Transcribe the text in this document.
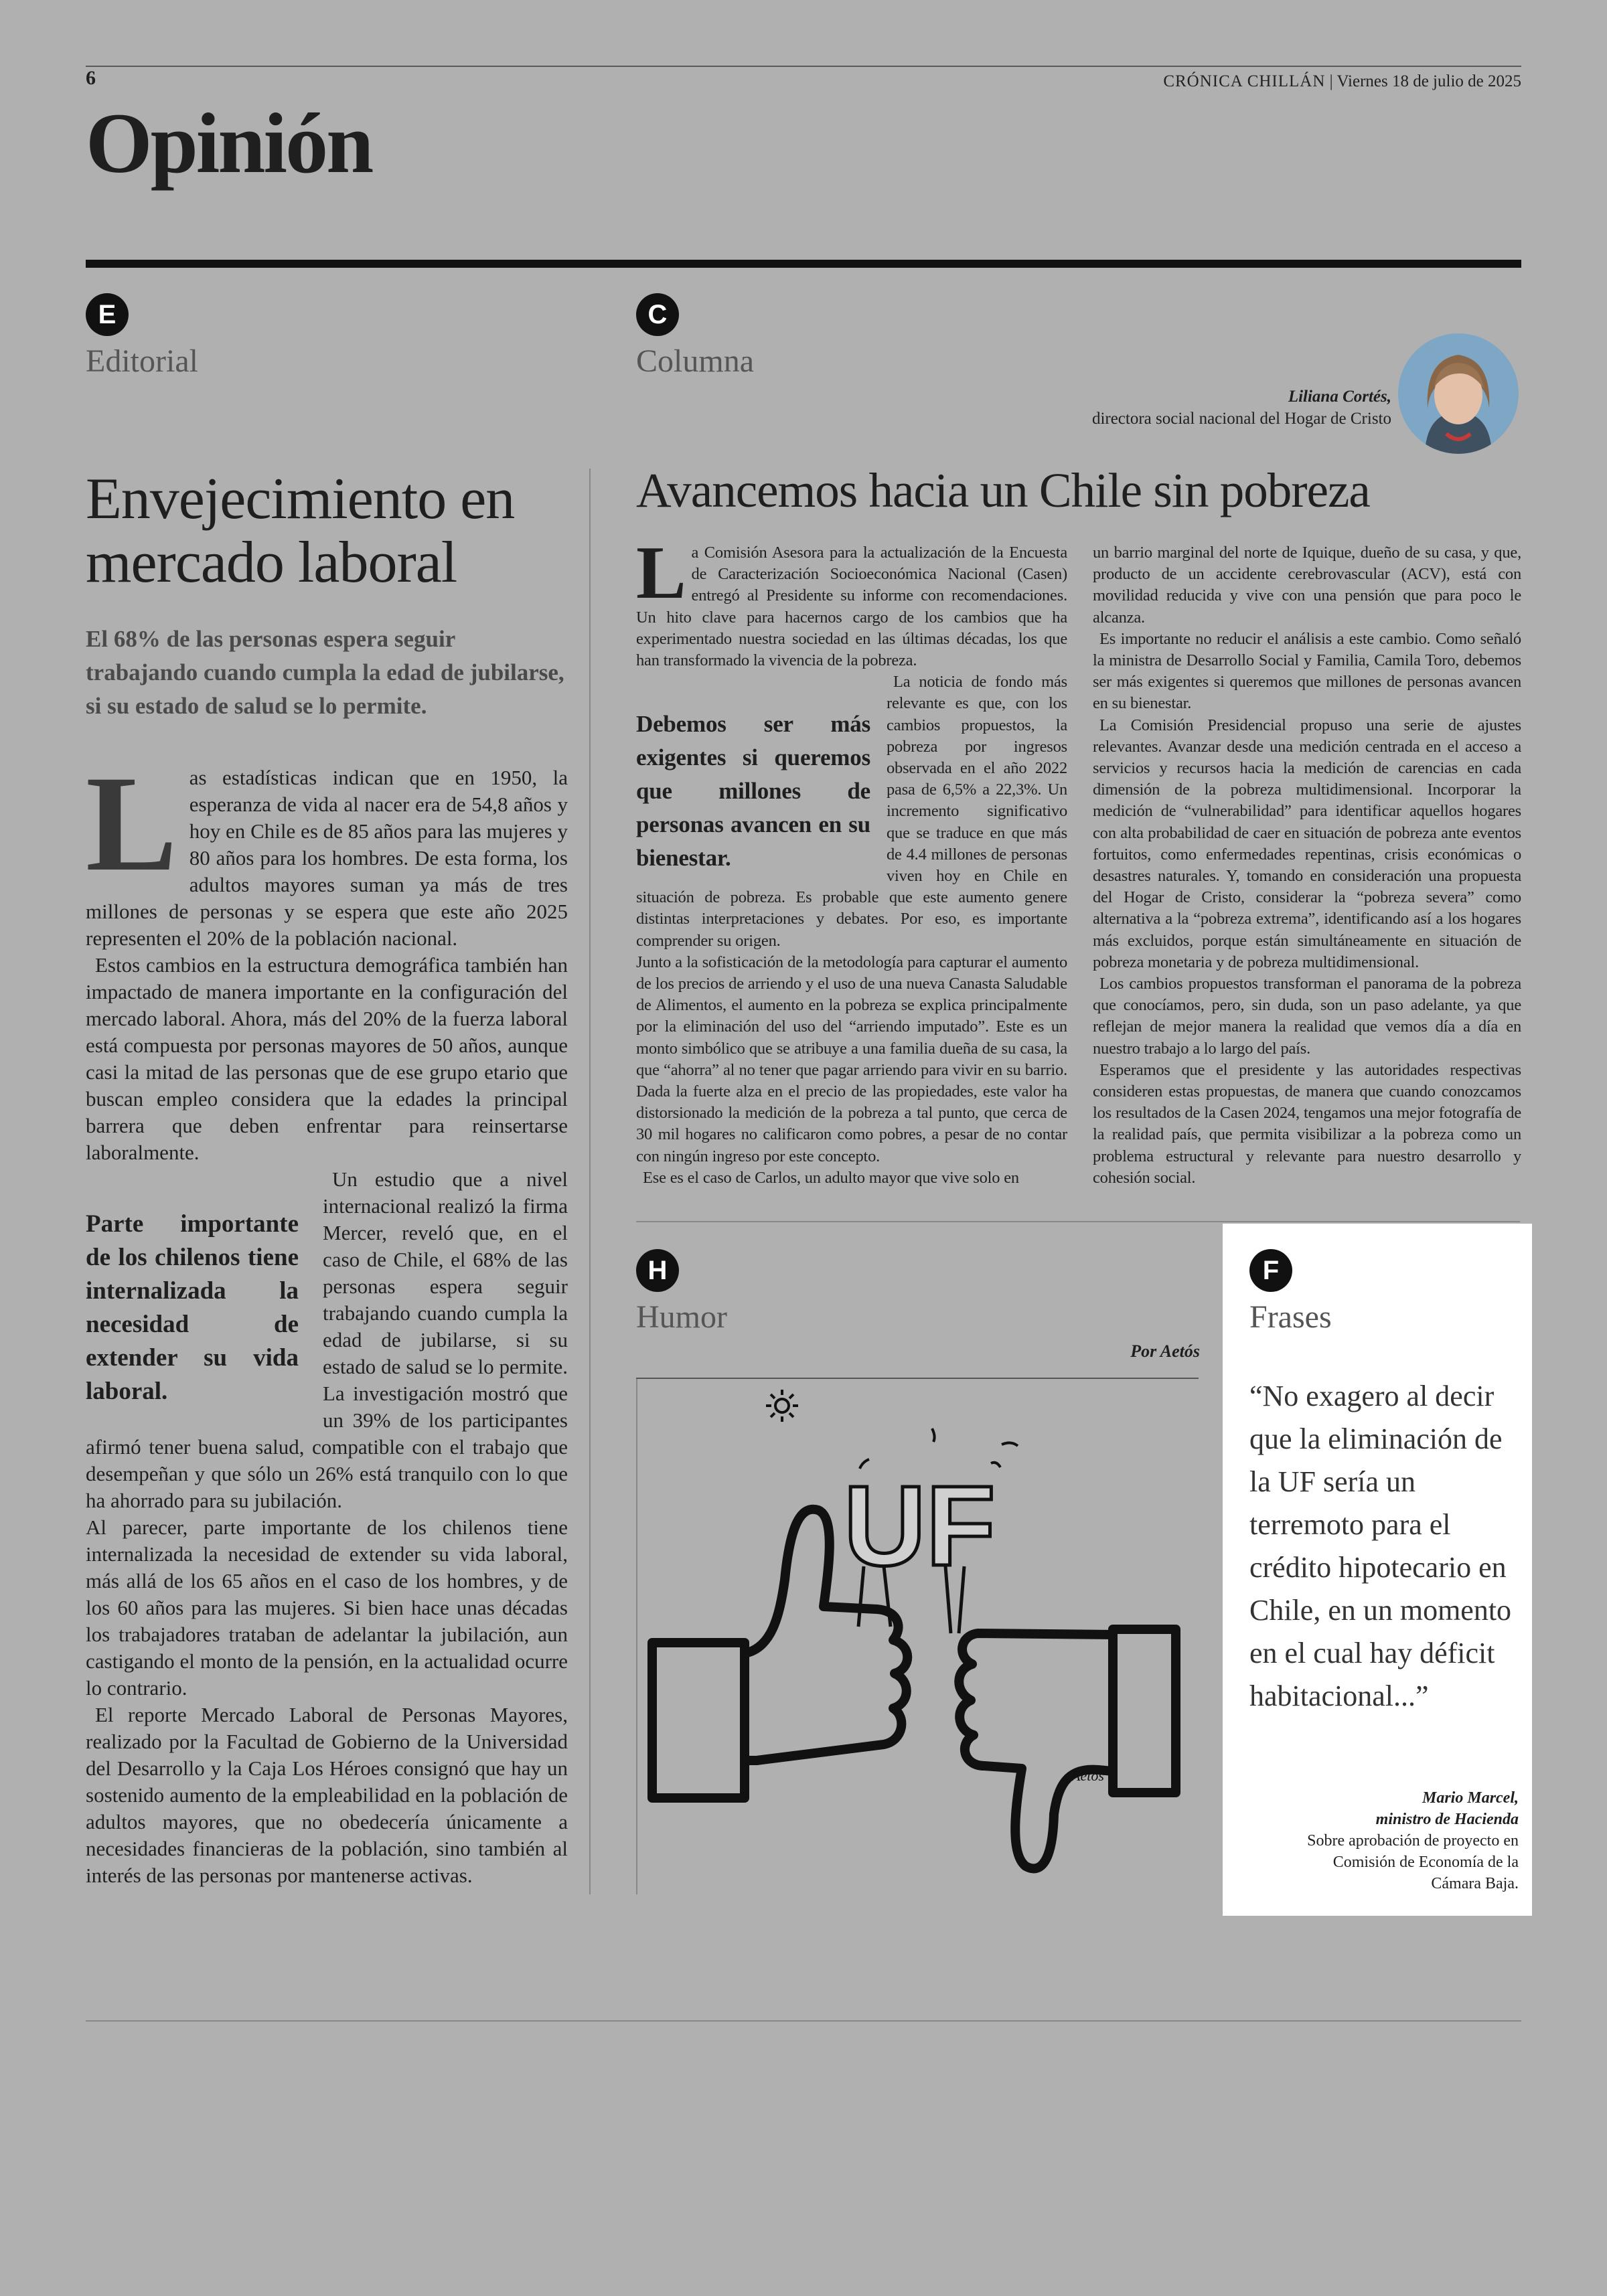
6	CRÓNICA CHILLÁN | Viernes 18 de julio de 2025
Opinión
E
Editorial
Envejecimiento en mercado laboral

El 68% de las personas espera seguir trabajando cuando cumpla la edad de jubilarse, si su estado de salud se lo permite.

Las estadísticas indican que en 1950, la esperanza de vida al nacer era de 54,8 años y hoy en Chile es de 85 años para las mujeres y 80 años para los hombres. De esta forma, los adultos mayores suman ya más de tres millones de personas y se espera que este año 2025 representen el 20% de la población nacional.

Estos cambios en la estructura demográfica también han impactado de manera importante en la configuración del mercado laboral. Ahora, más del 20% de la fuerza laboral está compuesta por personas mayores de 50 años, aunque casi la mitad de las personas que de ese grupo etario que buscan empleo considera que la edades la principal barrera que deben enfrentar para reinsertarse laboralmente.

Parte importante de los chilenos tiene internalizada la necesidad de extender su vida laboral.

Un estudio que a nivel internacional realizó la firma Mercer, reveló que, en el caso de Chile, el 68% de las personas espera seguir trabajando cuando cumpla la edad de jubilarse, si su estado de salud se lo permite. La investigación mostró que un 39% de los participantes afirmó tener buena salud, compatible con el trabajo que desempeñan y que sólo un 26% está tranquilo con lo que ha ahorrado para su jubilación.

Al parecer, parte importante de los chilenos tiene internalizada la necesidad de extender su vida laboral, más allá de los 65 años en el caso de los hombres, y de los 60 años para las mujeres. Si bien hace unas décadas los trabajadores trataban de adelantar la jubilación, aun castigando el monto de la pensión, en la actualidad ocurre lo contrario.

El reporte Mercado Laboral de Personas Mayores, realizado por la Facultad de Gobierno de la Universidad del Desarrollo y la Caja Los Héroes consignó que hay un sostenido aumento de la empleabilidad en la población de adultos mayores, que no obedecería únicamente a necesidades financieras de la población, sino también al interés de las personas por mantenerse activas.

C
Columna
Liliana Cortés,
directora social nacional del Hogar de Cristo
Avancemos hacia un Chile sin pobreza

La Comisión Asesora para la actualización de la Encuesta de Caracterización Socioeconómica Nacional (Casen) entregó al Presidente su informe con recomendaciones. Un hito clave para hacernos cargo de los cambios que ha experimentado nuestra sociedad en las últimas décadas, los que han transformado la vivencia de la pobreza.

Debemos ser más exigentes si queremos que millones de personas avancen en su bienestar.
La noticia de fondo más relevante es que, con los cambios propuestos, la pobreza por ingresos observada en el año 2022 pasa de 6,5% a 22,3%. Un incremento significativo que se traduce en que más de 4.4 millones de personas viven hoy en Chile en situación de pobreza. Es probable que este aumento genere distintas interpretaciones y debates. Por eso, es importante comprender su origen.

Junto a la sofisticación de la metodología para capturar el aumento de los precios de arriendo y el uso de una nueva Canasta Saludable de Alimentos, el aumento en la pobreza se explica principalmente por la eliminación del uso del “arriendo imputado”. Este es un monto simbólico que se atribuye a una familia dueña de su casa, la que “ahorra” al no tener que pagar arriendo para vivir en su barrio. Dada la fuerte alza en el precio de las propiedades, este valor ha distorsionado la medición de la pobreza a tal punto, que cerca de 30 mil hogares no calificaron como pobres, a pesar de no contar con ningún ingreso por este concepto.

Ese es el caso de Carlos, un adulto mayor que vive solo en

un barrio marginal del norte de Iquique, dueño de su casa, y que, producto de un accidente cerebrovascular (ACV), está con movilidad reducida y vive con una pensión que para poco le alcanza.

Es importante no reducir el análisis a este cambio. Como señaló la ministra de Desarrollo Social y Familia, Camila Toro, debemos ser más exigentes si queremos que millones de personas avancen en su bienestar.

La Comisión Presidencial propuso una serie de ajustes relevantes. Avanzar desde una medición centrada en el acceso a servicios y recursos hacia la medición de carencias en cada dimensión de la pobreza multidimensional. Incorporar la medición de “vulnerabilidad” para identificar aquellos hogares con alta probabilidad de caer en situación de pobreza ante eventos fortuitos, como enfermedades repentinas, crisis económicas o desastres naturales. Y, tomando en consideración una propuesta del Hogar de Cristo, considerar la “pobreza severa” como alternativa a la “pobreza extrema”, identificando así a los hogares más excluidos, porque están simultáneamente en situación de pobreza monetaria y de pobreza multidimensional.

Los cambios propuestos transforman el panorama de la pobreza que conocíamos, pero, sin duda, son un paso adelante, ya que reflejan de mejor manera la realidad que vemos día a día en nuestro trabajo a lo largo del país.

Esperamos que el presidente y las autoridades respectivas consideren estas propuestas, de manera que cuando conozcamos los resultados de la Casen 2024, tengamos una mejor fotografía de la realidad país, que permita visibilizar a la pobreza como un problema estructural y relevante para nuestro desarrollo y cohesión social.

H
Humor
Por Aetós
UF
Aetós
F
Frases
“No exagero al decir que la eliminación de la UF sería un terremoto para el crédito hipotecario en Chile, en un momento en el cual hay déficit habitacional...”
Mario Marcel,
ministro de Hacienda
Sobre aprobación de proyecto en Comisión de Economía de la Cámara Baja.
